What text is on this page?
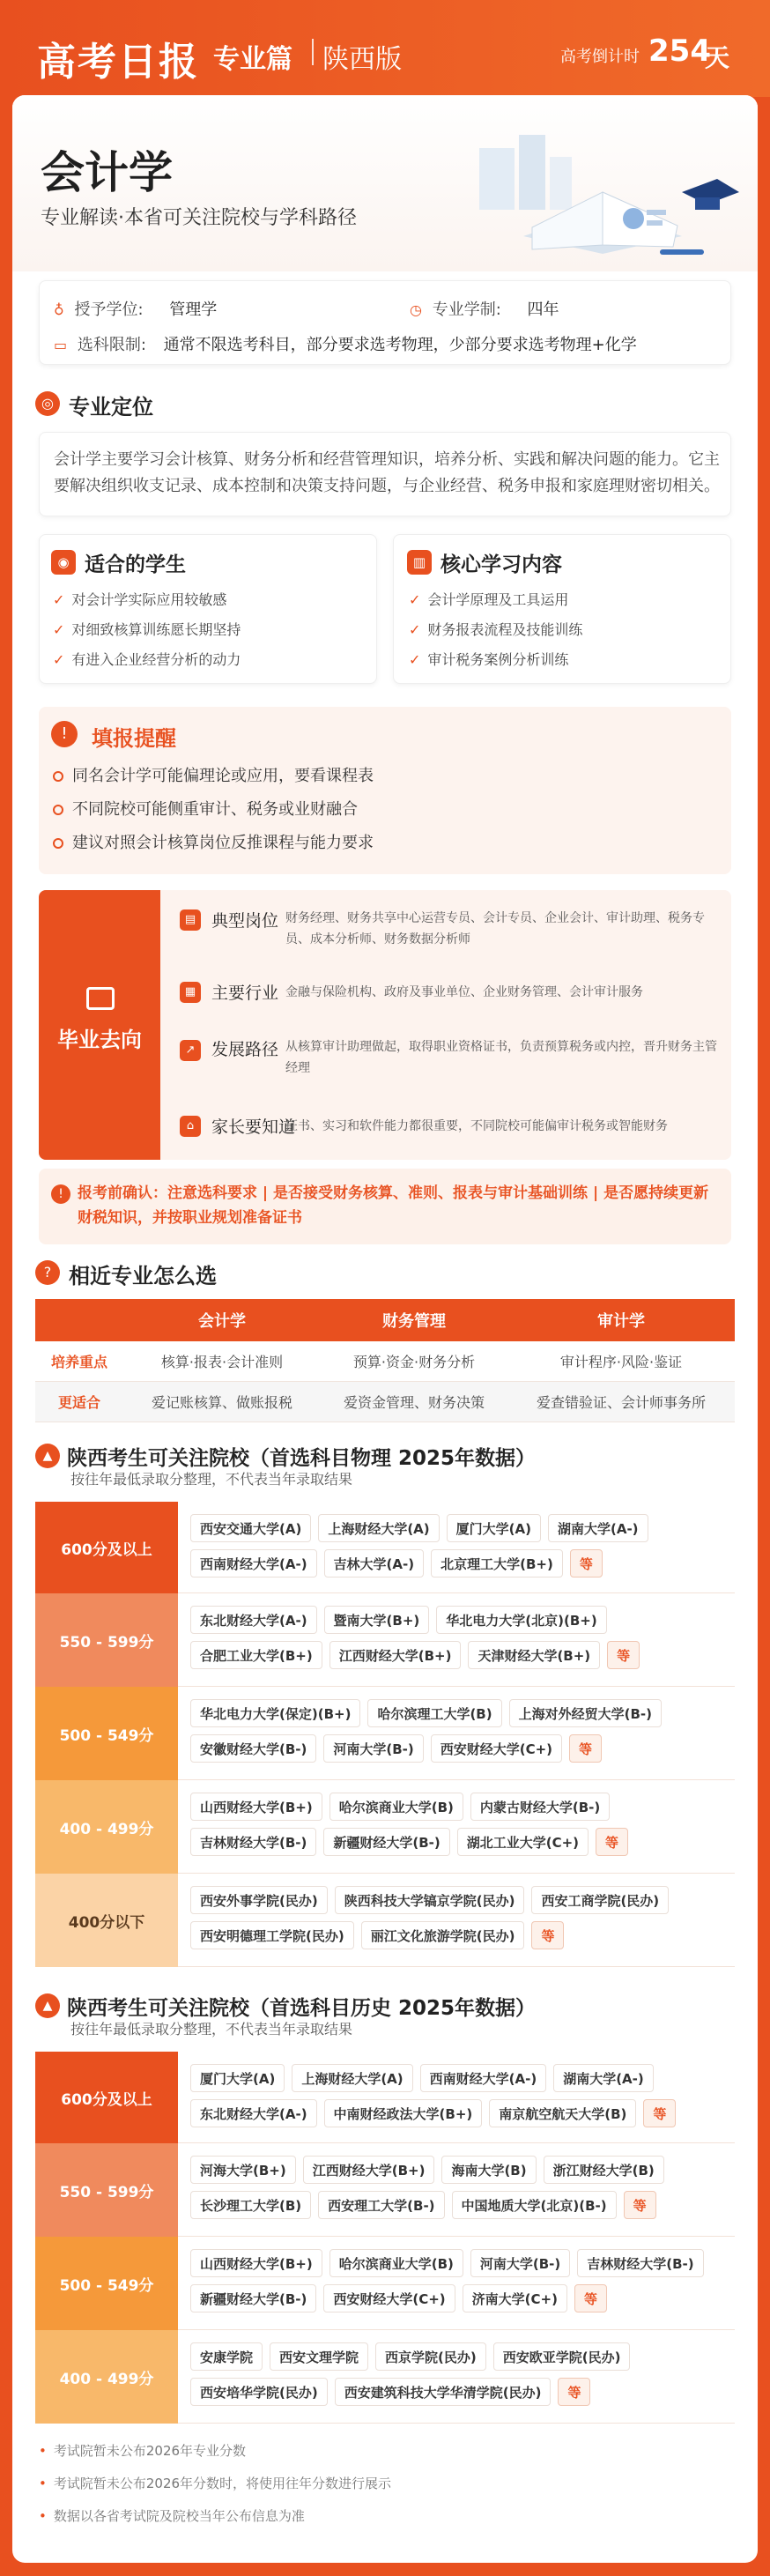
高考日报 专业篇 陕西版	高考倒计时 254
天
会计学
专业解读·本省可关注院校与学科路径
♁ 授予学位: 管理学	◷ 专业学制: 四年
▭ 选科限制: 通常不限选考科目，部分要求选考物理，少部分要求选考物理+化学
◎ 专业定位
会计学主要学习会计核算、财务分析和经营管理知识，培养分析、实践和解决问题的能力。它主要解决组织收支记录、成本控制和决策支持问题，与企业经营、税务申报和家庭理财密切相关。
◉ 适合的学生
✓ 对会计学实际应用较敏感
✓ 对细致核算训练愿长期坚持
✓ 有进入企业经营分析的动力
▥ 核心学习内容
✓ 会计学原理及工具运用
✓ 财务报表流程及技能训练
✓ 审计税务案例分析训练
!	填报提醒
同名会计学可能偏理论或应用，要看课程表
不同院校可能侧重审计、税务或业财融合
建议对照会计核算岗位反推课程与能力要求
毕业去向
▤ 典型岗位 财务经理、财务共享中心运营专员、会计专员、企业会计、审计助理、税务专员、成本分析师、财务数据分析师
▦ 主要行业 金融与保险机构、政府及事业单位、企业财务管理、会计审计服务
↗ 发展路径 从核算审计助理做起，取得职业资格证书，负责预算税务或内控，晋升财务主管经理
⌂	家长要知道
证书、实习和软件能力都很重要，不同院校可能偏审计税务或智能财务
! 报考前确认：注意选科要求 | 是否接受财务核算、准则、报表与审计基础训练 | 是否愿持续更新财税知识，并按职业规划准备证书
? 相近专业怎么选
会计学	财务管理	审计学
培养重点	核算·报表·会计准则	预算·资金·财务分析	审计程序·风险·鉴证
更适合	爱记账核算、做账报税	爱资金管理、财务决策	爱查错验证、会计师事务所
▲ 陕西考生可关注院校（首选科目物理 2025年数据）
按往年最低录取分整理，不代表当年录取结果
600分及以上
西安交通大学(A)	上海财经大学(A)	厦门大学(A)	湖南大学(A-)
西南财经大学(A-)	吉林大学(A-)	北京理工大学(B+)	等
550 - 599分
东北财经大学(A-)	暨南大学(B+)	华北电力大学(北京)(B+)
合肥工业大学(B+)	江西财经大学(B+)	天津财经大学(B+)	等
500 - 549分
华北电力大学(保定)(B+)	哈尔滨理工大学(B)	上海对外经贸大学(B-)
安徽财经大学(B-)	河南大学(B-)	西安财经大学(C+)	等
400 - 499分
山西财经大学(B+)	哈尔滨商业大学(B)	内蒙古财经大学(B-)
吉林财经大学(B-)	新疆财经大学(B-)	湖北工业大学(C+)	等
400分以下
西安外事学院(民办)	陕西科技大学镐京学院(民办)	西安工商学院(民办)
西安明德理工学院(民办)	丽江文化旅游学院(民办)	等
▲ 陕西考生可关注院校（首选科目历史 2025年数据）
按往年最低录取分整理，不代表当年录取结果
600分及以上
厦门大学(A)	上海财经大学(A)	西南财经大学(A-)	湖南大学(A-)
东北财经大学(A-)	中南财经政法大学(B+)	南京航空航天大学(B)	等
550 - 599分
河海大学(B+)	江西财经大学(B+)	海南大学(B)	浙江财经大学(B)
长沙理工大学(B)	西安理工大学(B-)	中国地质大学(北京)(B-)	等
500 - 549分
山西财经大学(B+)	哈尔滨商业大学(B)	河南大学(B-)	吉林财经大学(B-)
新疆财经大学(B-)	西安财经大学(C+)	济南大学(C+)	等
400 - 499分
安康学院	西安文理学院	西京学院(民办)	西安欧亚学院(民办)
西安培华学院(民办)	西安建筑科技大学华清学院(民办)	等
• 考试院暂未公布2026年专业分数
• 考试院暂未公布2026年分数时，将使用往年分数进行展示
• 数据以各省考试院及院校当年公布信息为准
